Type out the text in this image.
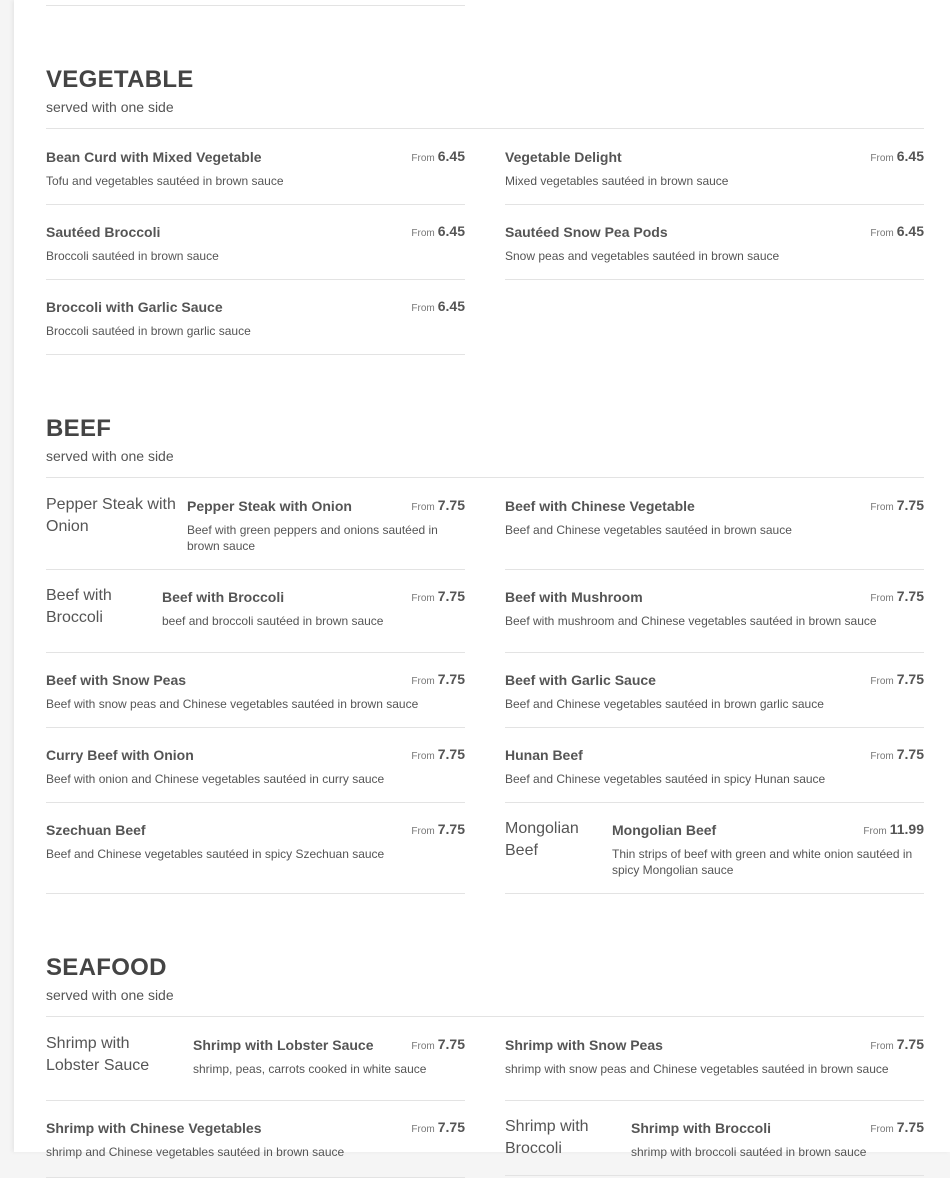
VEGETABLE
served with one side
Bean Curd with Mixed Vegetable	From 6.45
Tofu and vegetables sautéed in brown sauce
Vegetable Delight	From 6.45
Mixed vegetables sautéed in brown sauce
Sautéed Broccoli	From 6.45
Broccoli sautéed in brown sauce
Sautéed Snow Pea Pods	From 6.45
Snow peas and vegetables sautéed in brown sauce
Broccoli with Garlic Sauce	From 6.45
Broccoli sautéed in brown garlic sauce
BEEF
served with one side
Pepper Steak with Onion
Pepper Steak with Onion	From 7.75
Beef with green peppers and onions sautéed in brown sauce
Beef with Chinese Vegetable	From 7.75
Beef and Chinese vegetables sautéed in brown sauce
Beef with Broccoli
Beef with Broccoli	From 7.75
beef and broccoli sautéed in brown sauce
Beef with Mushroom	From 7.75
Beef with mushroom and Chinese vegetables sautéed in brown sauce
Beef with Snow Peas	From 7.75
Beef with snow peas and Chinese vegetables sautéed in brown sauce
Beef with Garlic Sauce	From 7.75
Beef and Chinese vegetables sautéed in brown garlic sauce
Curry Beef with Onion	From 7.75
Beef with onion and Chinese vegetables sautéed in curry sauce
Hunan Beef	From 7.75
Beef and Chinese vegetables sautéed in spicy Hunan sauce
Szechuan Beef	From 7.75
Beef and Chinese vegetables sautéed in spicy Szechuan sauce
Mongolian Beef
Mongolian Beef	From 11.99
Thin strips of beef with green and white onion sautéed in spicy Mongolian sauce
SEAFOOD
served with one side
Shrimp with Lobster Sauce
Shrimp with Lobster Sauce	From 7.75
shrimp, peas, carrots cooked in white sauce
Shrimp with Snow Peas	From 7.75
shrimp with snow peas and Chinese vegetables sautéed in brown sauce
Shrimp with Chinese Vegetables	From 7.75
shrimp and Chinese vegetables sautéed in brown sauce
Shrimp with Broccoli
Shrimp with Broccoli	From 7.75
shrimp with broccoli sautéed in brown sauce
